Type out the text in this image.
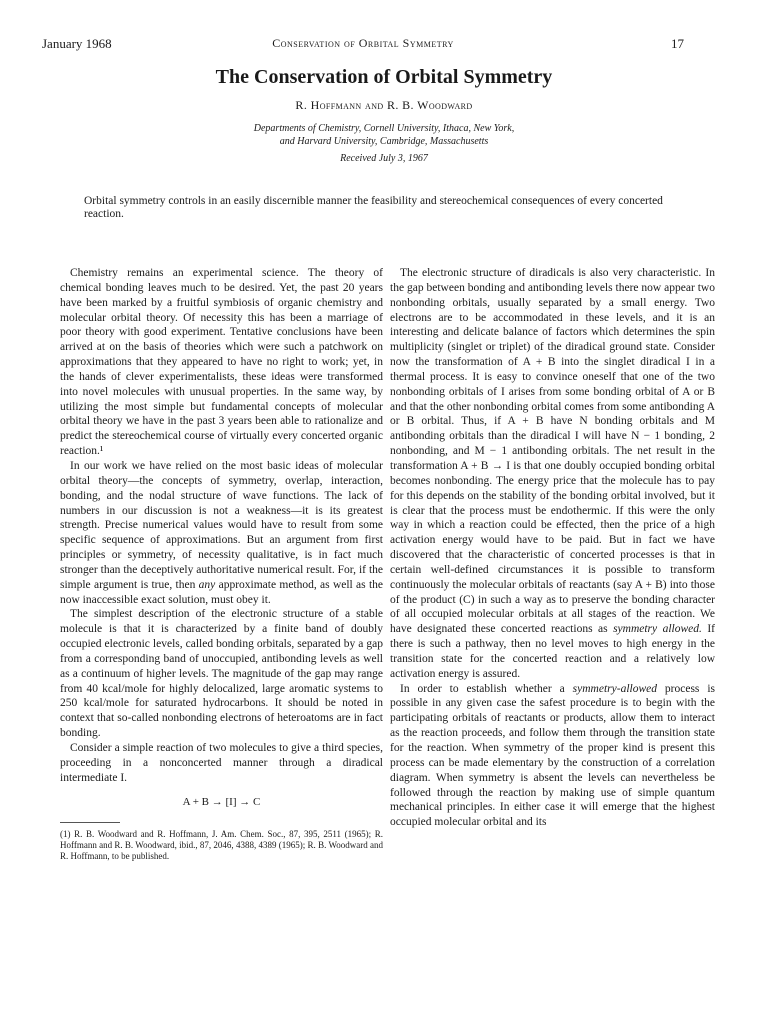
January 1968	Conservation of Orbital Symmetry	17
The Conservation of Orbital Symmetry
R. Hoffmann and R. B. Woodward
Departments of Chemistry, Cornell University, Ithaca, New York,
and Harvard University, Cambridge, Massachusetts
Received July 3, 1967
Orbital symmetry controls in an easily discernible manner the feasibility and stereochemical consequences of every concerted reaction.

Chemistry remains an experimental science. The theory of chemical bonding leaves much to be desired. Yet, the past 20 years have been marked by a fruitful symbiosis of organic chemistry and molecular orbital theory. Of necessity this has been a marriage of poor theory with good experiment. Tentative conclusions have been arrived at on the basis of theories which were such a patchwork on approximations that they appeared to have no right to work; yet, in the hands of clever experimentalists, these ideas were transformed into novel molecules with unusual properties. In the same way, by utilizing the most simple but fundamental concepts of molecular orbital theory we have in the past 3 years been able to rationalize and predict the stereochemical course of virtually every concerted organic reaction.¹

In our work we have relied on the most basic ideas of molecular orbital theory—the concepts of symmetry, overlap, interaction, bonding, and the nodal structure of wave functions. The lack of numbers in our discussion is not a weakness—it is its greatest strength. Precise numerical values would have to result from some specific sequence of approximations. But an argument from first principles or symmetry, of necessity qualitative, is in fact much stronger than the deceptively authoritative numerical result. For, if the simple argument is true, then any approximate method, as well as the now inaccessible exact solution, must obey it.

The simplest description of the electronic structure of a stable molecule is that it is characterized by a finite band of doubly occupied electronic levels, called bonding orbitals, separated by a gap from a corresponding band of unoccupied, antibonding levels as well as a continuum of higher levels. The magnitude of the gap may range from 40 kcal/mole for highly delocalized, large aromatic systems to 250 kcal/mole for saturated hydrocarbons. It should be noted in context that so-called nonbonding electrons of heteroatoms are in fact bonding.

Consider a simple reaction of two molecules to give a third species, proceeding in a nonconcerted manner through a diradical intermediate I.

A + B → [I] → C
(1) R. B. Woodward and R. Hoffmann, J. Am. Chem. Soc., 87, 395, 2511 (1965); R. Hoffmann and R. B. Woodward, ibid., 87, 2046, 4388, 4389 (1965); R. B. Woodward and R. Hoffmann, to be published.

The electronic structure of diradicals is also very characteristic. In the gap between bonding and antibonding levels there now appear two nonbonding orbitals, usually separated by a small energy. Two electrons are to be accommodated in these levels, and it is an interesting and delicate balance of factors which determines the spin multiplicity (singlet or triplet) of the diradical ground state. Consider now the transformation of A + B into the singlet diradical I in a thermal process. It is easy to convince oneself that one of the two nonbonding orbitals of I arises from some bonding orbital of A or B and that the other nonbonding orbital comes from some antibonding A or B orbital. Thus, if A + B have N bonding orbitals and M antibonding orbitals than the diradical I will have N − 1 bonding, 2 nonbonding, and M − 1 antibonding orbitals. The net result in the transformation A + B → I is that one doubly occupied bonding orbital becomes nonbonding. The energy price that the molecule has to pay for this depends on the stability of the bonding orbital involved, but it is clear that the process must be endothermic. If this were the only way in which a reaction could be effected, then the price of a high activation energy would have to be paid. But in fact we have discovered that the characteristic of concerted processes is that in certain well-defined circumstances it is possible to transform continuously the molecular orbitals of reactants (say A + B) into those of the product (C) in such a way as to preserve the bonding character of all occupied molecular orbitals at all stages of the reaction. We have designated these concerted reactions as symmetry allowed. If there is such a pathway, then no level moves to high energy in the transition state for the concerted reaction and a relatively low activation energy is assured.

In order to establish whether a symmetry-allowed process is possible in any given case the safest procedure is to begin with the participating orbitals of reactants or products, allow them to interact as the reaction proceeds, and follow them through the transition state for the reaction. When symmetry of the proper kind is present this process can be made elementary by the construction of a correlation diagram. When symmetry is absent the levels can nevertheless be followed through the reaction by making use of simple quantum mechanical principles. In either case it will emerge that the highest occupied molecular orbital and its
